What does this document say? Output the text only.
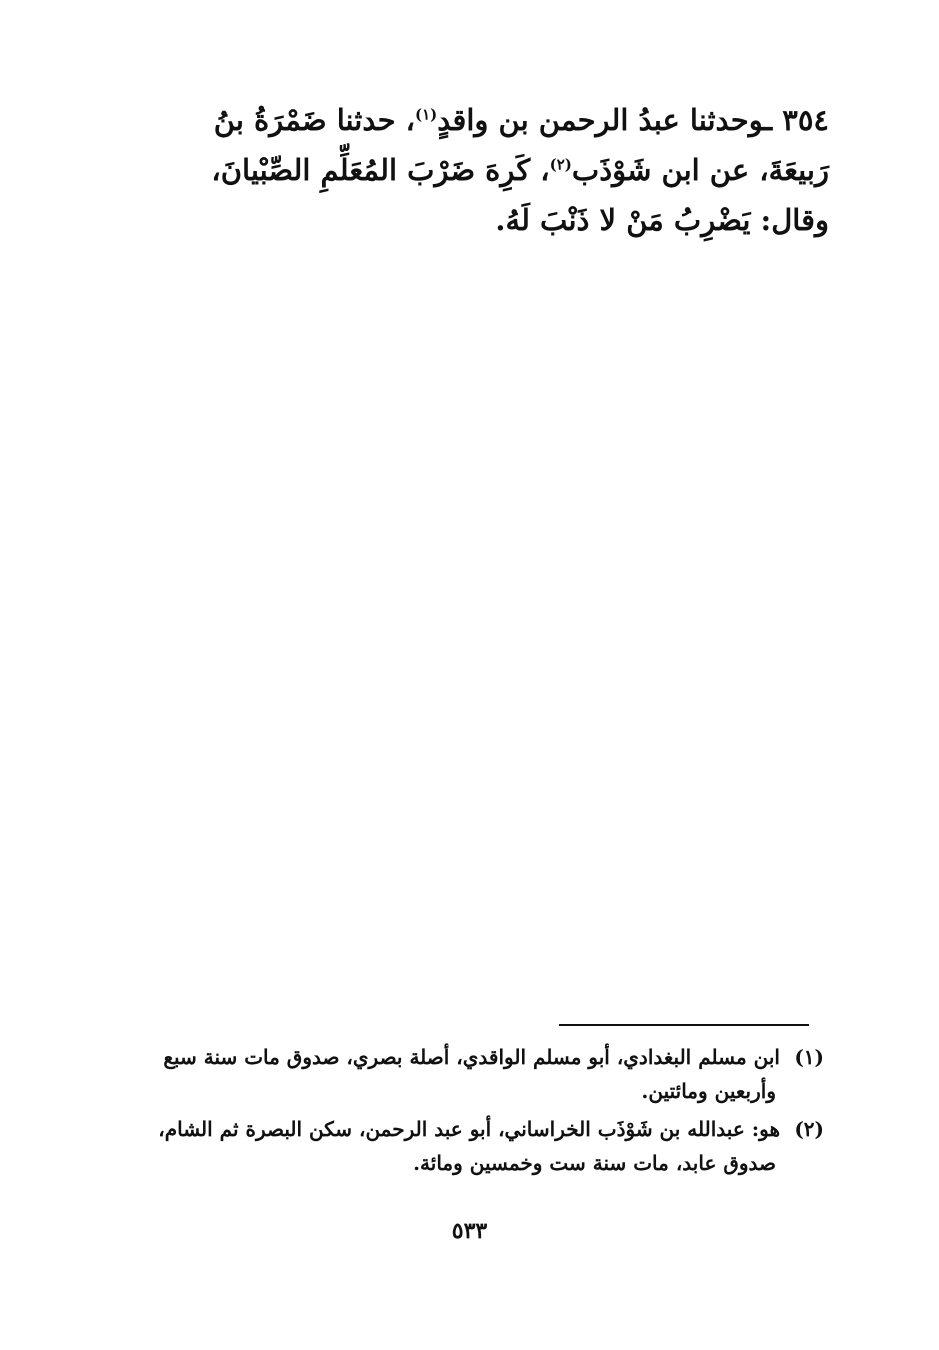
٣٥٤ ـوحدثنا عبدُ الرحمن بن واقدٍ$^{(١)}$، حدثنا ضَمْرَةُ بنُ
رَبيعَةَ، عن ابن شَوْذَب$^{(٢)}$، كَرِهَ ضَرْبَ المُعَلِّمِ الصِّبْيانَ،
وقال: يَضْرِبُ مَنْ لا ذَنْبَ لَهُ.
(١)ابن مسلم البغدادي، أبو مسلم الواقدي، أصلة بصري، صدوق مات سنة سبع
وأربعين ومائتين.
(٢)هو: عبدالله بن شَوْذَب الخراساني، أبو عبد الرحمن، سكن البصرة ثم الشام،
صدوق عابد، مات سنة ست وخمسين ومائة.
٥٣٣
